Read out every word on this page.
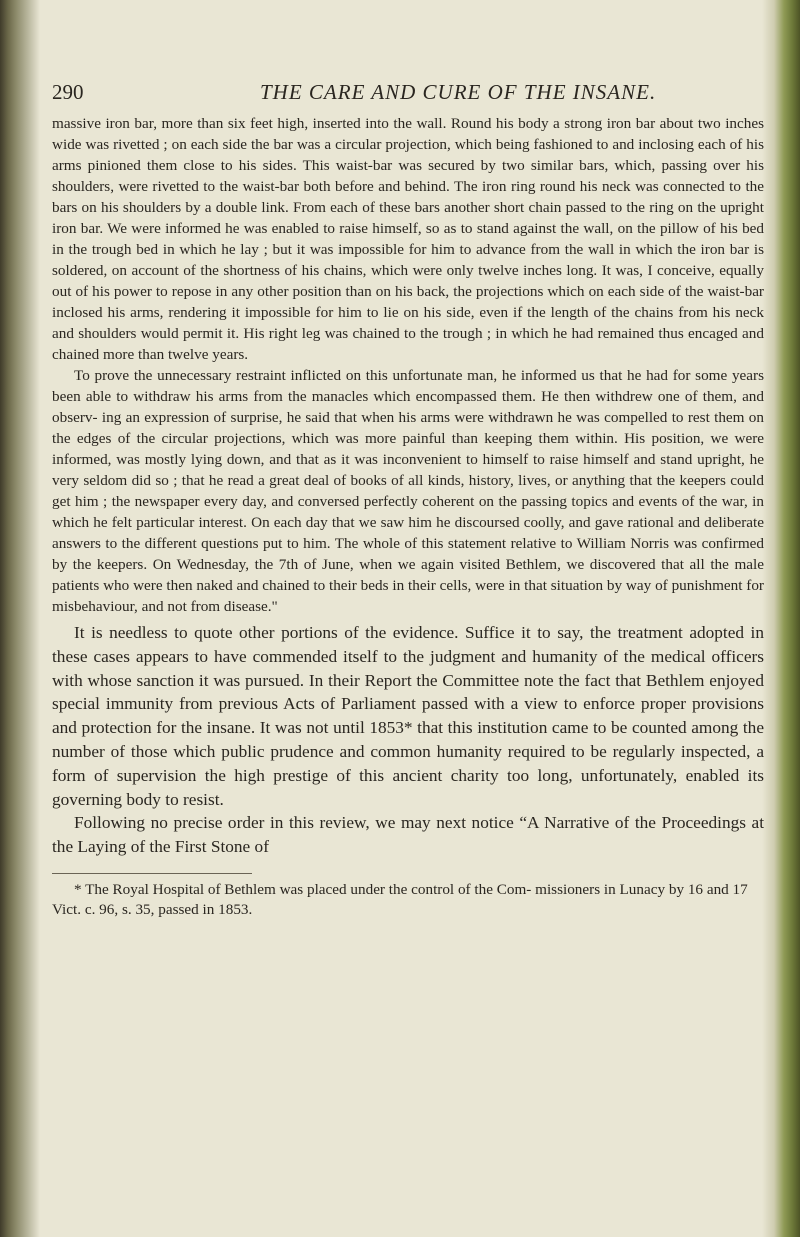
290	THE CARE AND CURE OF THE INSANE.

massive iron bar, more than six feet high, inserted into the wall. Round his body a strong iron bar about two inches wide was rivetted ; on each side the bar was a circular projection, which being fashioned to and inclosing each of his arms pinioned them close to his sides. This waist-bar was secured by two similar bars, which, passing over his shoulders, were rivetted to the waist-bar both before and behind. The iron ring round his neck was connected to the bars on his shoulders by a double link. From each of these bars another short chain passed to the ring on the upright iron bar. We were informed he was enabled to raise himself, so as to stand against the wall, on the pillow of his bed in the trough bed in which he lay ; but it was impossible for him to advance from the wall in which the iron bar is soldered, on account of the shortness of his chains, which were only twelve inches long. It was, I conceive, equally out of his power to repose in any other position than on his back, the projections which on each side of the waist-bar inclosed his arms, rendering it impossible for him to lie on his side, even if the length of the chains from his neck and shoulders would permit it. His right leg was chained to the trough ; in which he had remained thus encaged and chained more than twelve years.

To prove the unnecessary restraint inflicted on this unfortunate man, he informed us that he had for some years been able to withdraw his arms from the manacles which encompassed them. He then withdrew one of them, and observ- ing an expression of surprise, he said that when his arms were withdrawn he was compelled to rest them on the edges of the circular projections, which was more painful than keeping them within. His position, we were informed, was mostly lying down, and that as it was inconvenient to himself to raise himself and stand upright, he very seldom did so ; that he read a great deal of books of all kinds, history, lives, or anything that the keepers could get him ; the newspaper every day, and conversed perfectly coherent on the passing topics and events of the war, in which he felt particular interest. On each day that we saw him he discoursed coolly, and gave rational and deliberate answers to the different questions put to him. The whole of this statement relative to William Norris was confirmed by the keepers. On Wednesday, the 7th of June, when we again visited Bethlem, we discovered that all the male patients who were then naked and chained to their beds in their cells, were in that situation by way of punishment for misbehaviour, and not from disease."

It is needless to quote other portions of the evidence. Suffice it to say, the treatment adopted in these cases appears to have commended itself to the judgment and humanity of the medical officers with whose sanction it was pursued. In their Report the Committee note the fact that Bethlem enjoyed special immunity from previous Acts of Parliament passed with a view to enforce proper provisions and protection for the insane. It was not until 1853* that this institution came to be counted among the number of those which public prudence and common humanity required to be regularly inspected, a form of supervision the high prestige of this ancient charity too long, unfortunately, enabled its governing body to resist.

Following no precise order in this review, we may next notice “A Narrative of the Proceedings at the Laying of the First Stone of

* The Royal Hospital of Bethlem was placed under the control of the Com- missioners in Lunacy by 16 and 17 Vict. c. 96, s. 35, passed in 1853.
